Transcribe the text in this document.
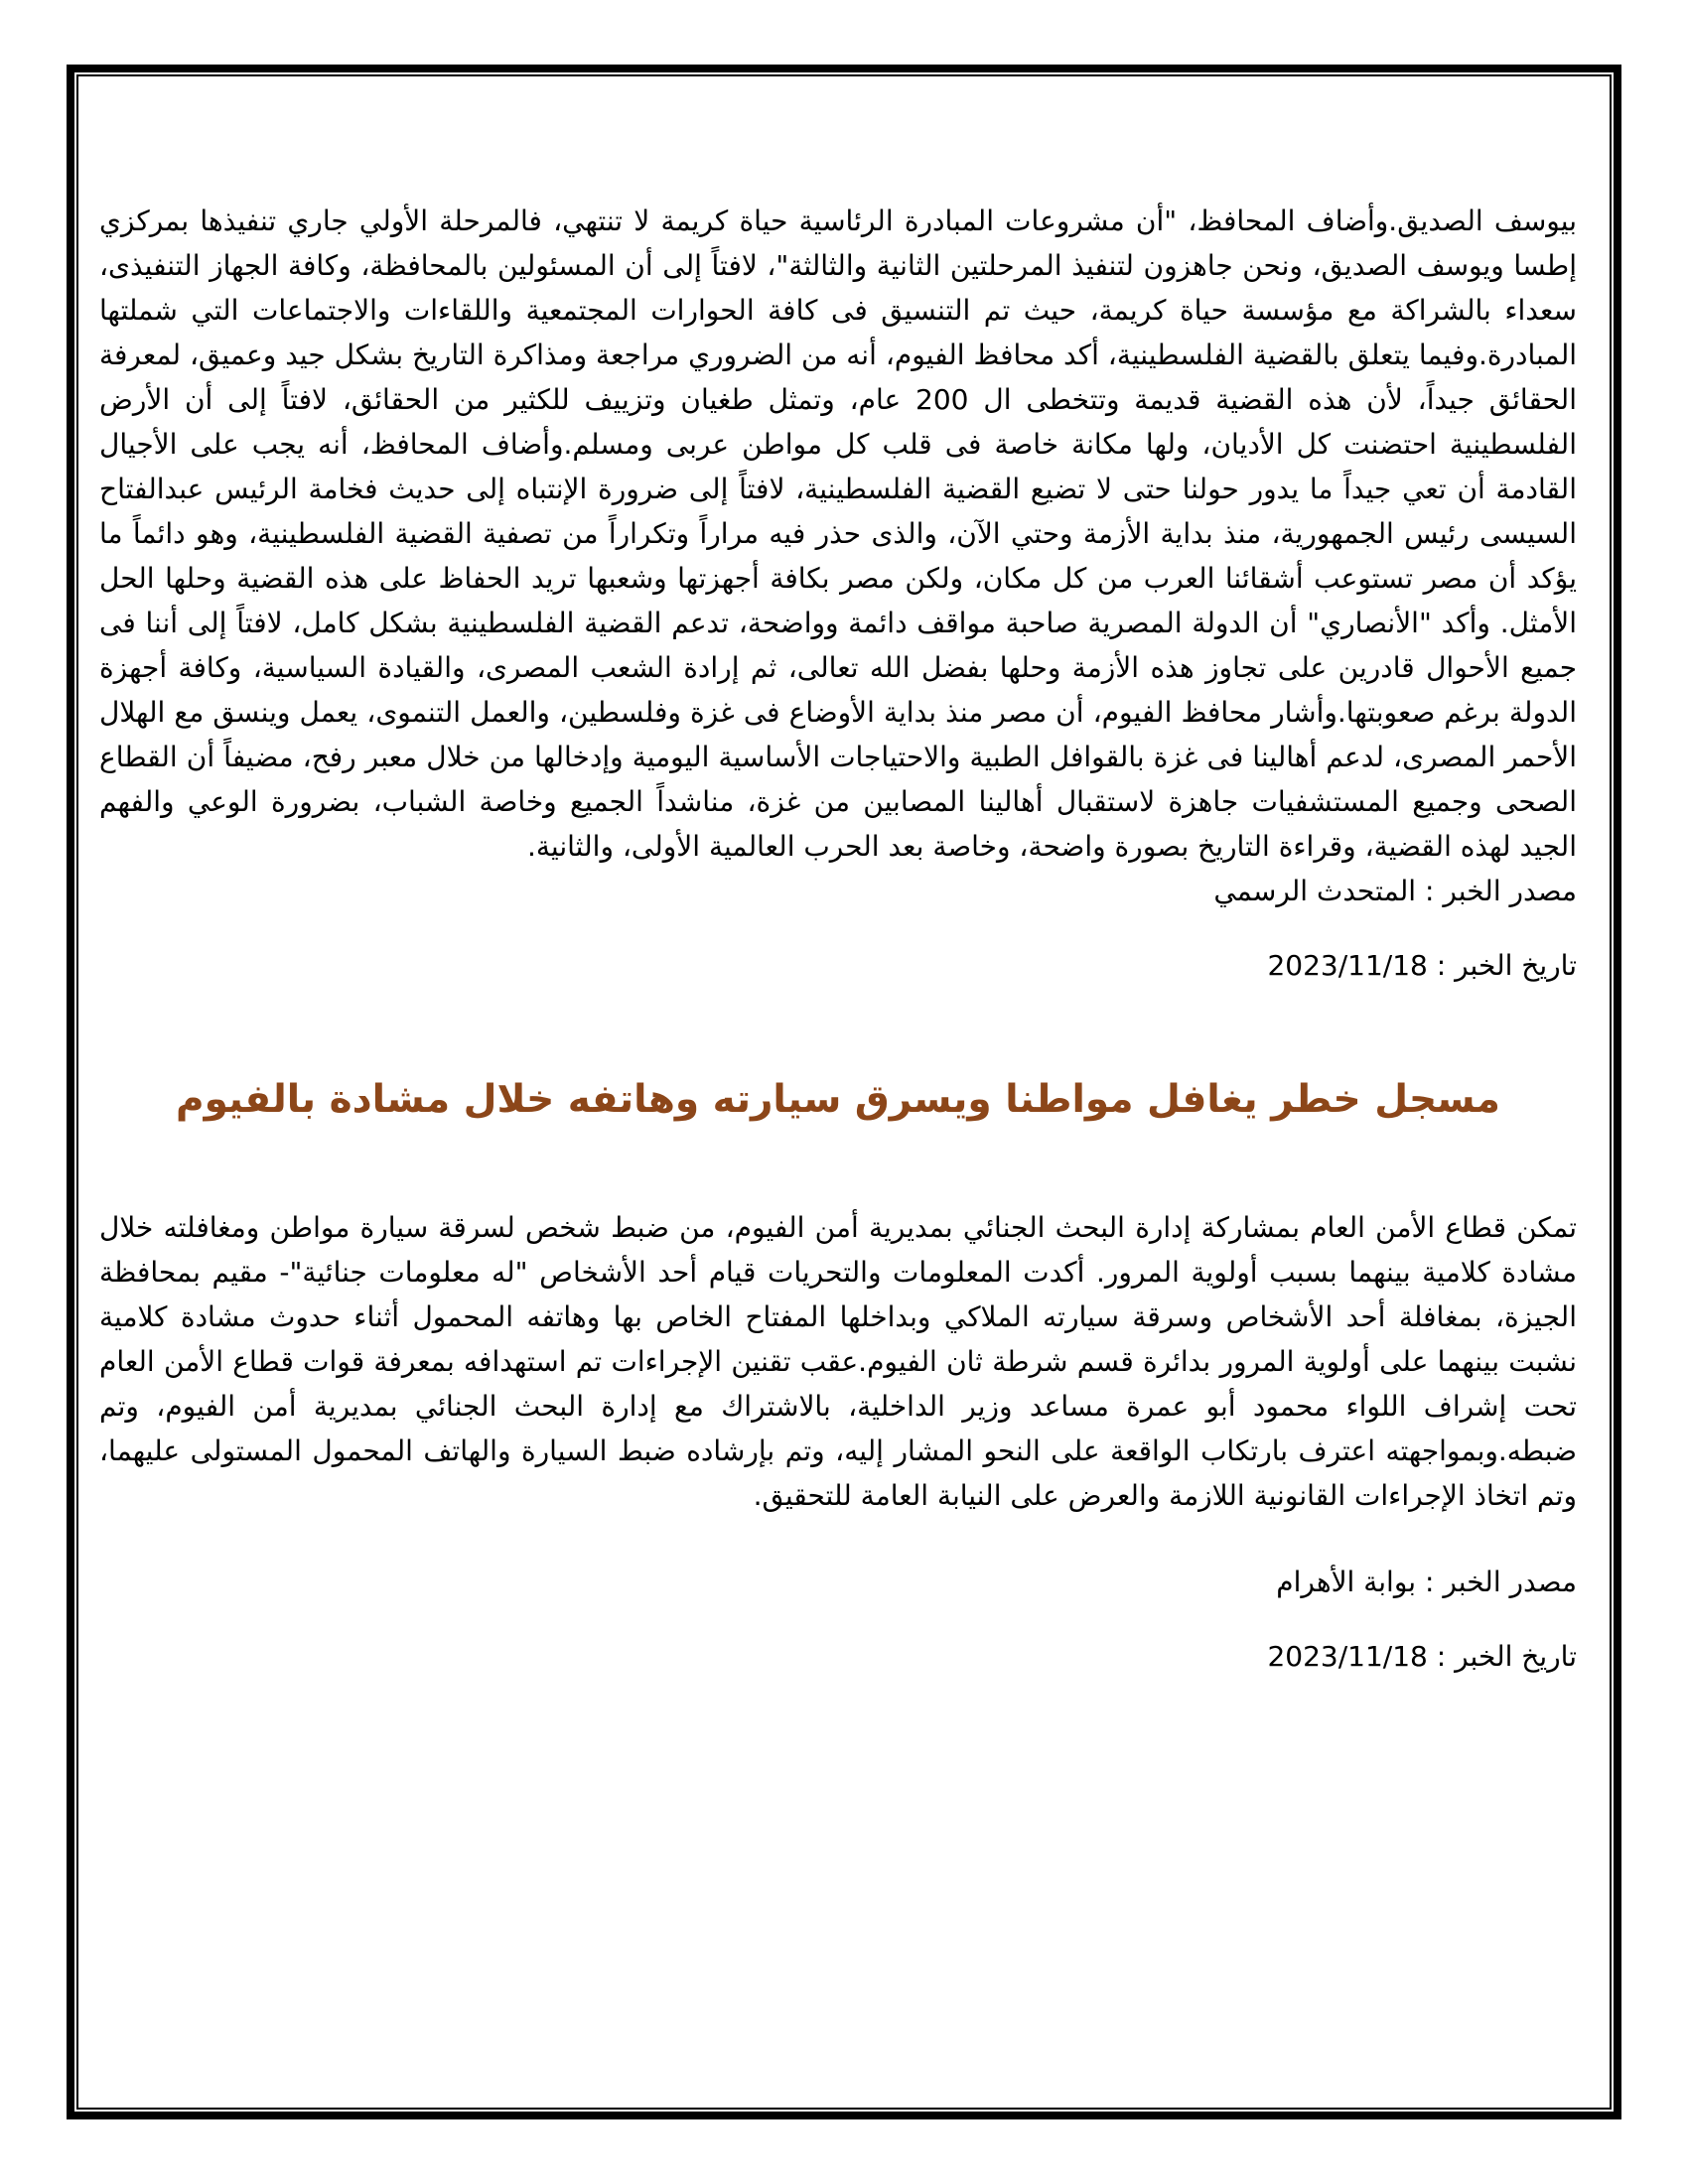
بيوسف الصديق.وأضاف المحافظ، "أن مشروعات المبادرة الرئاسية حياة كريمة لا تنتهي، فالمرحلة الأولي جاري تنفيذها بمركزي إطسا ويوسف الصديق، ونحن جاهزون لتنفيذ المرحلتين الثانية والثالثة"، لافتاً إلى أن المسئولين بالمحافظة، وكافة الجهاز التنفيذى، سعداء بالشراكة مع مؤسسة حياة كريمة، حيث تم التنسيق فى كافة الحوارات المجتمعية واللقاءات والاجتماعات التي شملتها المبادرة.وفيما يتعلق بالقضية الفلسطينية، أكد محافظ الفيوم، أنه من الضروري مراجعة ومذاكرة التاريخ بشكل جيد وعميق، لمعرفة الحقائق جيداً، لأن هذه القضية قديمة وتتخطى ال 200 عام، وتمثل طغيان وتزييف للكثير من الحقائق، لافتاً إلى أن الأرض الفلسطينية احتضنت كل الأديان، ولها مكانة خاصة فى قلب كل مواطن عربى ومسلم.وأضاف المحافظ، أنه يجب على الأجيال القادمة أن تعي جيداً ما يدور حولنا حتى لا تضيع القضية الفلسطينية، لافتاً إلى ضرورة الإنتباه إلى حديث فخامة الرئيس عبدالفتاح السيسى رئيس الجمهورية، منذ بداية الأزمة وحتي الآن، والذى حذر فيه مراراً وتكراراً من تصفية القضية الفلسطينية، وهو دائماً ما يؤكد أن مصر تستوعب أشقائنا العرب من كل مكان، ولكن مصر بكافة أجهزتها وشعبها تريد الحفاظ على هذه القضية وحلها الحل الأمثل. وأكد "الأنصاري" أن الدولة المصرية صاحبة مواقف دائمة وواضحة، تدعم القضية الفلسطينية بشكل كامل، لافتاً إلى أننا فى جميع الأحوال قادرين على تجاوز هذه الأزمة وحلها بفضل الله تعالى، ثم إرادة الشعب المصرى، والقيادة السياسية، وكافة أجهزة الدولة برغم صعوبتها.وأشار محافظ الفيوم، أن مصر منذ بداية الأوضاع فى غزة وفلسطين، والعمل التنموى، يعمل وينسق مع الهلال الأحمر المصرى، لدعم أهالينا فى غزة بالقوافل الطبية والاحتياجات الأساسية اليومية وإدخالها من خلال معبر رفح، مضيفاً أن القطاع الصحى وجميع المستشفيات جاهزة لاستقبال أهالينا المصابين من غزة، مناشداً الجميع وخاصة الشباب، بضرورة الوعي والفهم الجيد لهذه القضية، وقراءة التاريخ بصورة واضحة، وخاصة بعد الحرب العالمية الأولى، والثانية.
مصدر الخبر : المتحدث الرسمي
تاريخ الخبر : 2023/11/18
مسجل خطر يغافل مواطنا ويسرق سيارته وهاتفه خلال مشادة بالفيوم
تمكن قطاع الأمن العام بمشاركة إدارة البحث الجنائي بمديرية أمن الفيوم، من ضبط شخص لسرقة سيارة مواطن ومغافلته خلال مشادة كلامية بينهما بسبب أولوية المرور. أكدت المعلومات والتحريات قيام أحد الأشخاص "له معلومات جنائية"- مقيم بمحافظة الجيزة، بمغافلة أحد الأشخاص وسرقة سيارته الملاكي وبداخلها المفتاح الخاص بها وهاتفه المحمول أثناء حدوث مشادة كلامية نشبت بينهما على أولوية المرور بدائرة قسم شرطة ثان الفيوم.عقب تقنين الإجراءات تم استهدافه بمعرفة قوات قطاع الأمن العام تحت إشراف اللواء محمود أبو عمرة مساعد وزير الداخلية، بالاشتراك مع إدارة البحث الجنائي بمديرية أمن الفيوم، وتم ضبطه.وبمواجهته اعترف بارتكاب الواقعة على النحو المشار إليه، وتم بإرشاده ضبط السيارة والهاتف المحمول المستولى عليهما، وتم اتخاذ الإجراءات القانونية اللازمة والعرض على النيابة العامة للتحقيق.
مصدر الخبر : بوابة الأهرام
تاريخ الخبر : 2023/11/18
